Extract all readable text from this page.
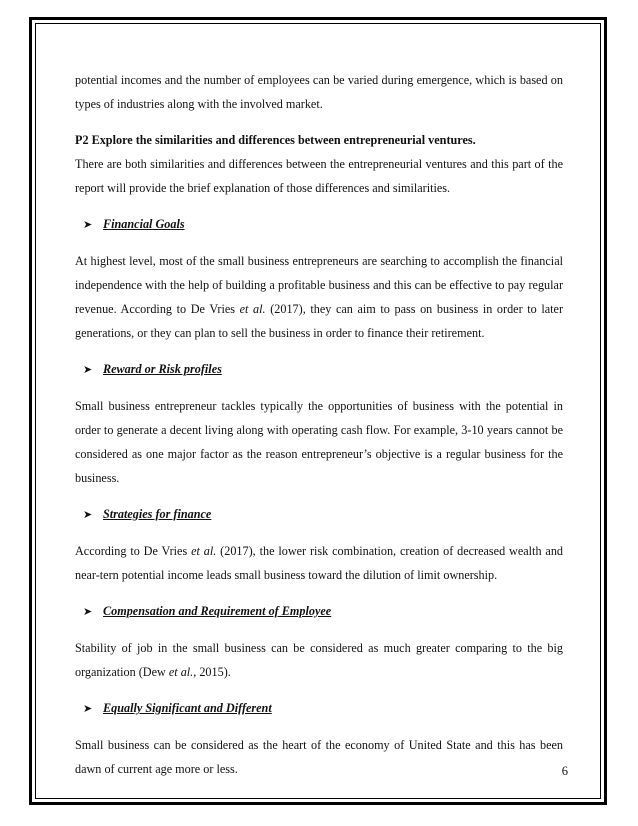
potential incomes and the number of employees can be varied during emergence, which is based on types of industries along with the involved market.

P2 Explore the similarities and differences between entrepreneurial ventures.

There are both similarities and differences between the entrepreneurial ventures and this part of the report will provide the brief explanation of those differences and similarities.

➤ Financial Goals

At highest level, most of the small business entrepreneurs are searching to accomplish the financial independence with the help of building a profitable business and this can be effective to pay regular revenue. According to De Vries et al. (2017), they can aim to pass on business in order to later generations, or they can plan to sell the business in order to finance their retirement.

➤ Reward or Risk profiles

Small business entrepreneur tackles typically the opportunities of business with the potential in order to generate a decent living along with operating cash flow. For example, 3-10 years cannot be considered as one major factor as the reason entrepreneur’s objective is a regular business for the business.

➤ Strategies for finance

According to De Vries et al. (2017), the lower risk combination, creation of decreased wealth and near-tern potential income leads small business toward the dilution of limit ownership.

➤ Compensation and Requirement of Employee

Stability of job in the small business can be considered as much greater comparing to the big organization (Dew et al., 2015).

➤ Equally Significant and Different

Small business can be considered as the heart of the economy of United State and this has been dawn of current age more or less.	6
